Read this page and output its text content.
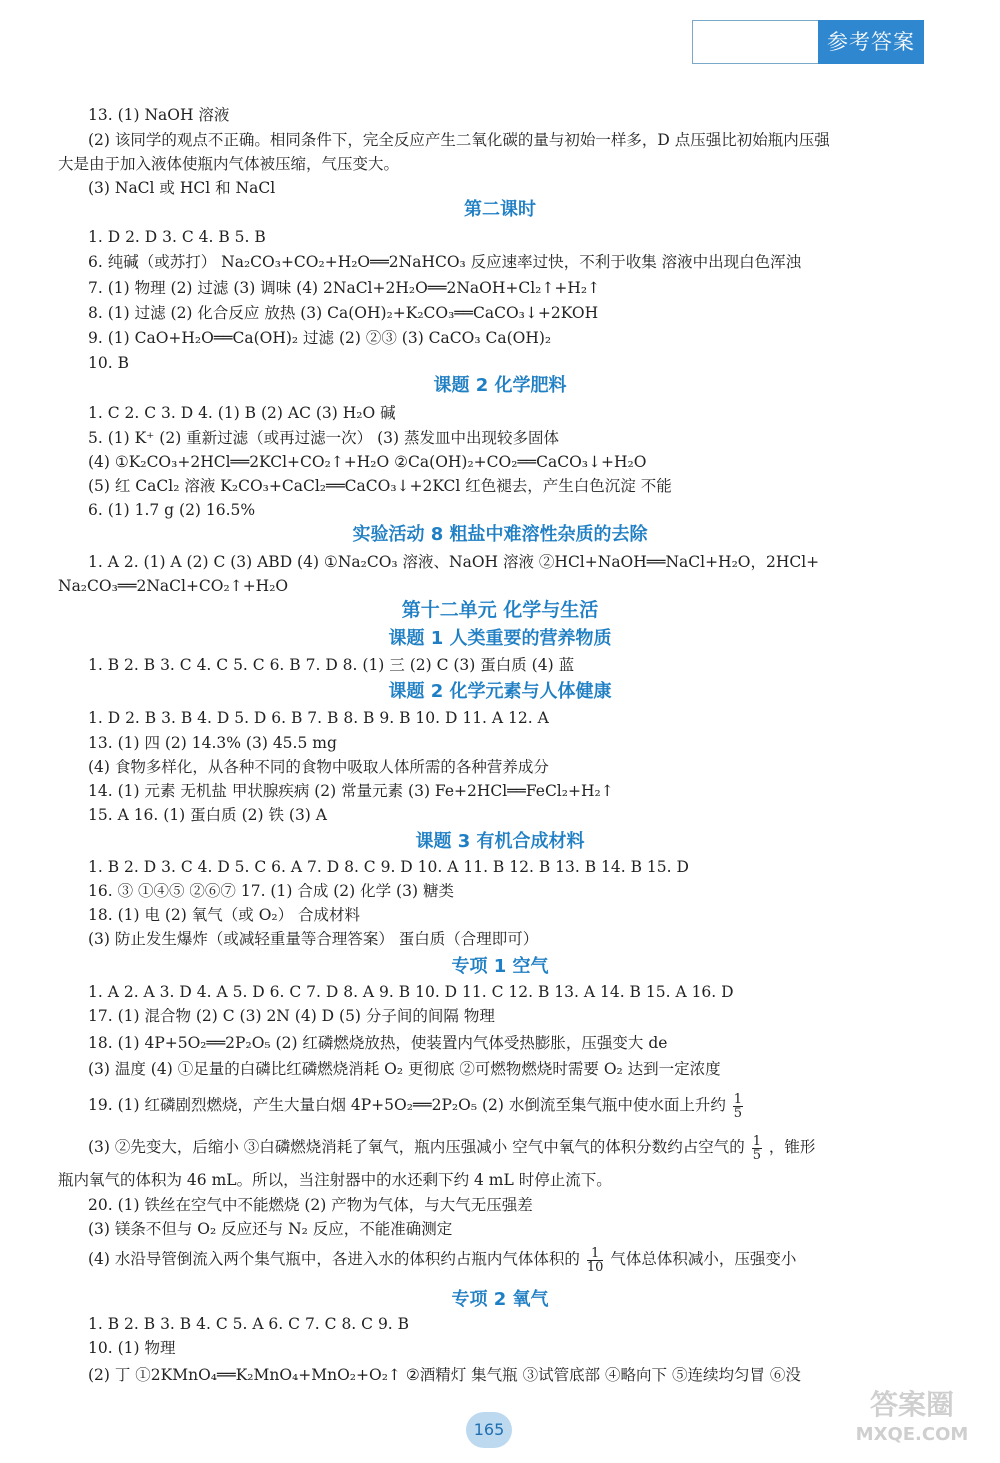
参考答案
13. (1) NaOH 溶液
(2) 该同学的观点不正确。相同条件下，完全反应产生二氧化碳的量与初始一样多，D 点压强比初始瓶内压强
大是由于加入液体使瓶内气体被压缩，气压变大。
(3) NaCl 或 HCl 和 NaCl
第二课时
1. D 2. D 3. C 4. B 5. B
6. 纯碱（或苏打） Na₂CO₃+CO₂+H₂O══2NaHCO₃ 反应速率过快，不利于收集 溶液中出现白色浑浊
7. (1) 物理 (2) 过滤 (3) 调味 (4) 2NaCl+2H₂O══2NaOH+Cl₂↑+H₂↑
8. (1) 过滤 (2) 化合反应 放热 (3) Ca(OH)₂+K₂CO₃══CaCO₃↓+2KOH
9. (1) CaO+H₂O══Ca(OH)₂ 过滤 (2) ②③ (3) CaCO₃ Ca(OH)₂
10. B
课题 2 化学肥料
1. C 2. C 3. D 4. (1) B (2) AC (3) H₂O 碱
5. (1) K⁺ (2) 重新过滤（或再过滤一次） (3) 蒸发皿中出现较多固体
(4) ①K₂CO₃+2HCl══2KCl+CO₂↑+H₂O ②Ca(OH)₂+CO₂══CaCO₃↓+H₂O
(5) 红 CaCl₂ 溶液 K₂CO₃+CaCl₂══CaCO₃↓+2KCl 红色褪去，产生白色沉淀 不能
6. (1) 1.7 g (2) 16.5%
实验活动 8 粗盐中难溶性杂质的去除
1. A 2. (1) A (2) C (3) ABD (4) ①Na₂CO₃ 溶液、NaOH 溶液 ②HCl+NaOH══NaCl+H₂O，2HCl+
Na₂CO₃══2NaCl+CO₂↑+H₂O
第十二单元 化学与生活
课题 1 人类重要的营养物质
1. B 2. B 3. C 4. C 5. C 6. B 7. D 8. (1) 三 (2) C (3) 蛋白质 (4) 蓝
课题 2 化学元素与人体健康
1. D 2. B 3. B 4. D 5. D 6. B 7. B 8. B 9. B 10. D 11. A 12. A
13. (1) 四 (2) 14.3% (3) 45.5 mg
(4) 食物多样化，从各种不同的食物中吸取人体所需的各种营养成分
14. (1) 元素 无机盐 甲状腺疾病 (2) 常量元素 (3) Fe+2HCl══FeCl₂+H₂↑
15. A 16. (1) 蛋白质 (2) 铁 (3) A
课题 3 有机合成材料
1. B 2. D 3. C 4. D 5. C 6. A 7. D 8. C 9. D 10. A 11. B 12. B 13. B 14. B 15. D
16. ③ ①④⑤ ②⑥⑦ 17. (1) 合成 (2) 化学 (3) 糖类
18. (1) 电 (2) 氧气（或 O₂） 合成材料
(3) 防止发生爆炸（或减轻重量等合理答案） 蛋白质（合理即可）
专项 1 空气
1. A 2. A 3. D 4. A 5. D 6. C 7. D 8. A 9. B 10. D 11. C 12. B 13. A 14. B 15. A 16. D
17. (1) 混合物 (2) C (3) 2N (4) D (5) 分子间的间隔 物理
18. (1) 4P+5O₂══2P₂O₅ (2) 红磷燃烧放热，使装置内气体受热膨胀，压强变大 de
(3) 温度 (4) ①足量的白磷比红磷燃烧消耗 O₂ 更彻底 ②可燃物燃烧时需要 O₂ 达到一定浓度
19. (1) 红磷剧烈燃烧，产生大量白烟 4P+5O₂══2P₂O₅ (2) 水倒流至集气瓶中使水面上升约 $\frac{1}{5}$
(3) ②先变大，后缩小 ③白磷燃烧消耗了氧气，瓶内压强减小 空气中氧气的体积分数约占空气的 $\frac{1}{5}$ ，锥形
瓶内氧气的体积为 46 mL。所以，当注射器中的水还剩下约 4 mL 时停止流下。
20. (1) 铁丝在空气中不能燃烧 (2) 产物为气体，与大气无压强差
(3) 镁条不但与 O₂ 反应还与 N₂ 反应，不能准确测定
(4) 水沿导管倒流入两个集气瓶中，各进入水的体积约占瓶内气体体积的 $\frac{1}{10}$ 气体总体积减小，压强变小
专项 2 氧气
1. B 2. B 3. B 4. C 5. A 6. C 7. C 8. C 9. B
10. (1) 物理
(2) 丁 ①2KMnO₄══K₂MnO₄+MnO₂+O₂↑ ②酒精灯 集气瓶 ③试管底部 ④略向下 ⑤连续均匀冒 ⑥没
165
答案圈
MXQE.COM
